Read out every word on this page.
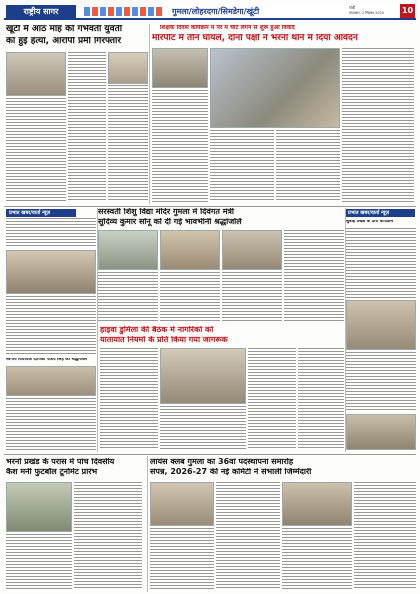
राष्ट्रीय सागर	गुमला/लोहरदगा/सिमडेगा/खूंटी	रांची
मंगलवार, 2 सितंबर 2025	10
खूंटी में आठ माह की गर्भवती युवती
की हुई हत्या, आरोपी प्रेमी गिरफ्तार
शिक्षक दिवस कार्यक्रम में पैर में चोट लगने से शुरू हुआ विवाद
मारपीट में तीन घायल, दोनों पक्षों ने भरनो थाने में दिया आवेदन
प्रभात खबर/वार्ता न्यूज़	प्रभात खबर/वार्ता न्यूज़
सरस्वती शिशु विद्या मंदिर गुमला में दिवंगत मंत्री
सुदिव्य कुमार सोनू को दी गई भावभीनी श्रद्धांजलि
स्वर्गीय विधायक दीपिका पांडेय सिंह को श्रद्धांजलि
सुबाई प्रखंड के दौरा कार्यक्रम
हाइवा डुमिला की बैठक में नागरिकों को
यातायात नियमों के प्रति किया गया जागरूक
भरनो प्रखंड के परास में पांच दिवसीय
कैश मनी फुटबॉल टूर्नामेंट प्रारंभ
लायंस क्लब गुमला का 36वां पदस्थापना समारोह
संपन्न, 2026-27 की नई कमिटी ने संभाली जिम्मेदारी
